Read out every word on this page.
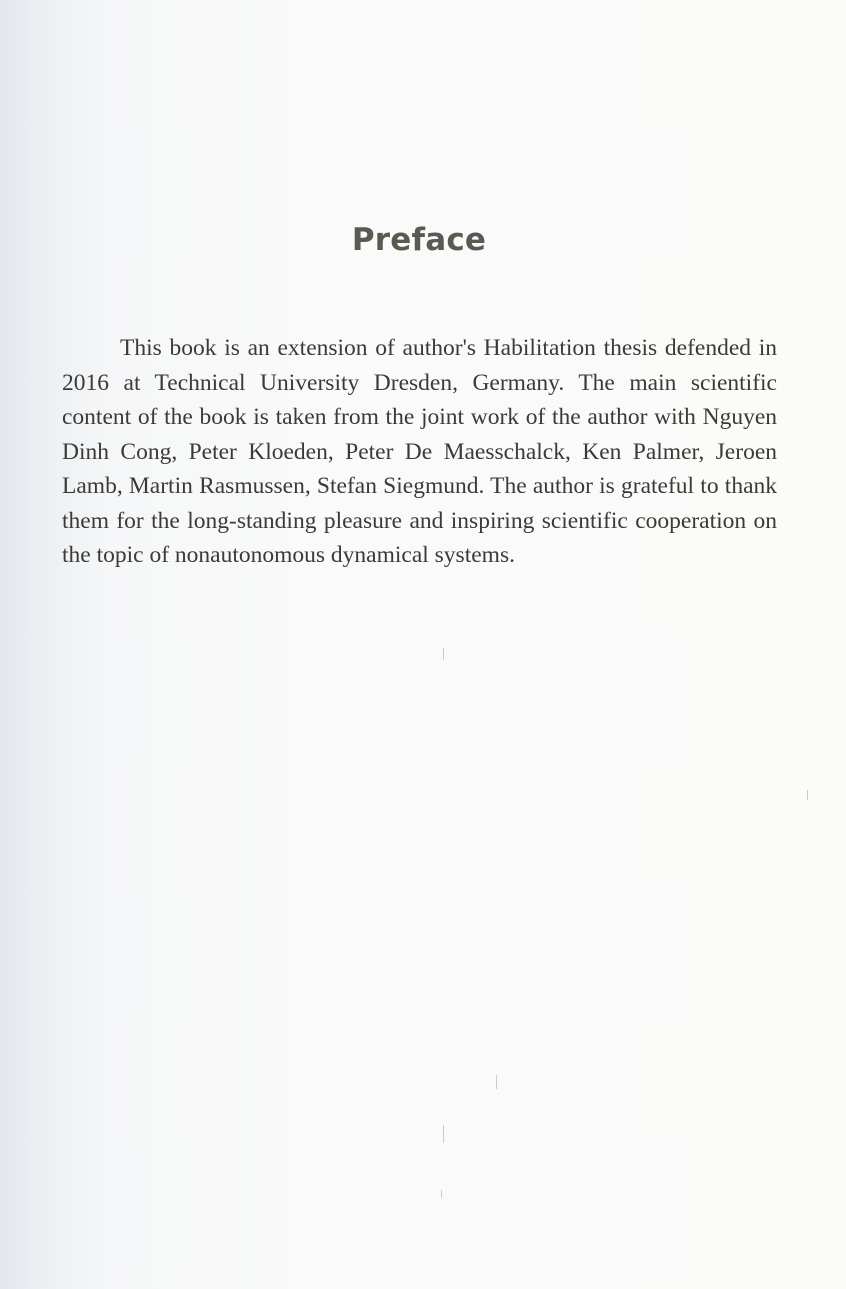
Preface

This book is an extension of author's Habilitation thesis defended in 2016 at Technical University Dresden, Germany. The main scientific content of the book is taken from the joint work of the author with Nguyen Dinh Cong, Peter Kloeden, Peter De Maesschalck, Ken Palmer, Jeroen Lamb, Martin Rasmussen, Stefan Siegmund. The author is grateful to thank them for the long-standing pleasure and inspiring scientific cooperation on the topic of nonautonomous dynamical systems.
